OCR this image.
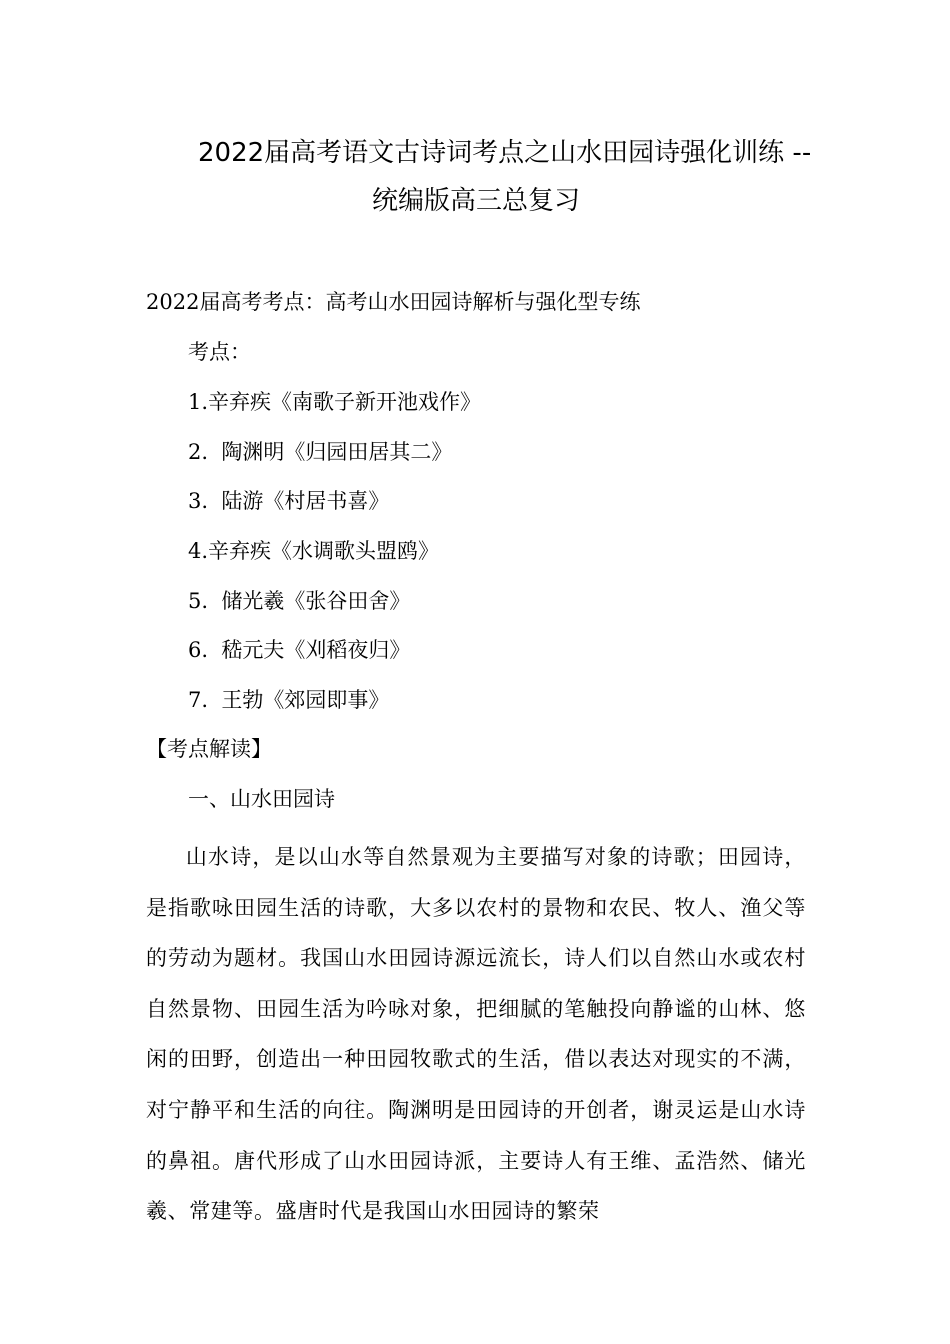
2022届高考语文古诗词考点之山水田园诗强化训练 --
统编版高三总复习
2022届高考考点：高考山水田园诗解析与强化型专练
考点：
1.辛弃疾《南歌子新开池戏作》
2.  陶渊明《归园田居其二》
3.  陆游《村居书喜》
4.辛弃疾《水调歌头盟鸥》
5.  储光羲《张谷田舍》
6.  嵇元夫《刈稻夜归》
7.  王勃《郊园即事》
【考点解读】
一、山水田园诗

山水诗，是以山水等自然景观为主要描写对象的诗歌；田园诗，是指歌咏田园生活的诗歌，大多以农村的景物和农民、牧人、渔父等的劳动为题材。我国山水田园诗源远流长，诗人们以自然山水或农村自然景物、田园生活为吟咏对象，把细腻的笔触投向静谧的山林、悠闲的田野，创造出一种田园牧歌式的生活，借以表达对现实的不满，对宁静平和生活的向往。陶渊明是田园诗的开创者，谢灵运是山水诗的鼻祖。唐代形成了山水田园诗派，主要诗人有王维、孟浩然、储光羲、常建等。盛唐时代是我国山水田园诗的繁荣
